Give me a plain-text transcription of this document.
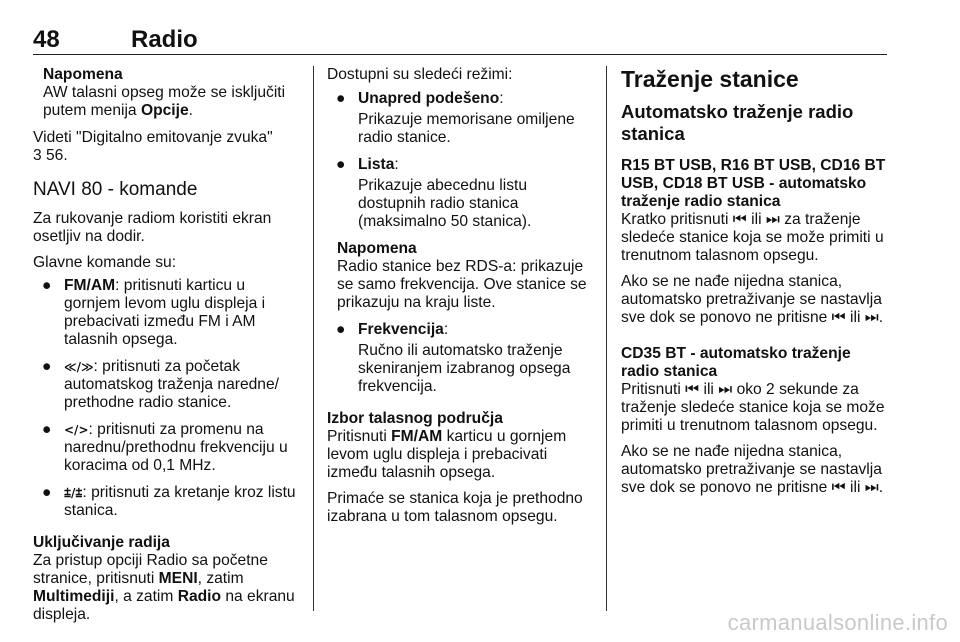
48	Radio
Napomena
AW talasni opseg može se isključiti putem menija Opcije.

Videti "Digitalno emitovanje zvuka"
3 56.

NAVI 80 - komande

Za rukovanje radiom koristiti ekran osetljiv na dodir.

Glavne komande su:

● FM/AM: pritisnuti karticu u gornjem levom uglu displeja i prebacivati između FM i AM talasnih opsega.
● ≪/≫: pritisnuti za početak automatskog traženja naredne/ prethodne radio stanice.
● </>: pritisnuti za promenu na narednu/prethodnu frekvenciju u koracima od 0,1 MHz.
● ⩲/⩲: pritisnuti za kretanje kroz listu stanica.
Uključivanje radija
Za pristup opciji Radio sa početne stranice, pritisnuti MENI, zatim Multimediji, a zatim Radio na ekranu displeja.

Dostupni su sledeći režimi:

● Unapred podešeno:
Prikazuje memorisane omiljene radio stanice.
● Lista:
Prikazuje abecednu listu dostupnih radio stanica (maksimalno 50 stanica).
Napomena
Radio stanice bez RDS-a: prikazuje se samo frekvencija. Ove stanice se prikazuju na kraju liste.
● Frekvencija:
Ručno ili automatsko traženje skeniranjem izabranog opsega frekvencija.
Izbor talasnog područja

Pritisnuti FM/AM karticu u gornjem levom uglu displeja i prebacivati između talasnih opsega.

Primaće se stanica koja je prethodno izabrana u tom talasnom opsegu.

Traženje stanice
Automatsko traženje radio stanica
R15 BT USB, R16 BT USB, CD16 BT USB, CD18 BT USB - automatsko traženje radio stanica

Kratko pritisnuti ⏮ ili ⏭ za traženje sledeće stanice koja se može primiti u trenutnom talasnom opsegu.

Ako se ne nađe nijedna stanica, automatsko pretraživanje se nastavlja sve dok se ponovo ne pritisne ⏮ ili ⏭.

CD35 BT - automatsko traženje radio stanica

Pritisnuti ⏮ ili ⏭ oko 2 sekunde za traženje sledeće stanice koja se može primiti u trenutnom talasnom opsegu.

Ako se ne nađe nijedna stanica, automatsko pretraživanje se nastavlja sve dok se ponovo ne pritisne ⏮ ili ⏭.

carmanualsonline.info
